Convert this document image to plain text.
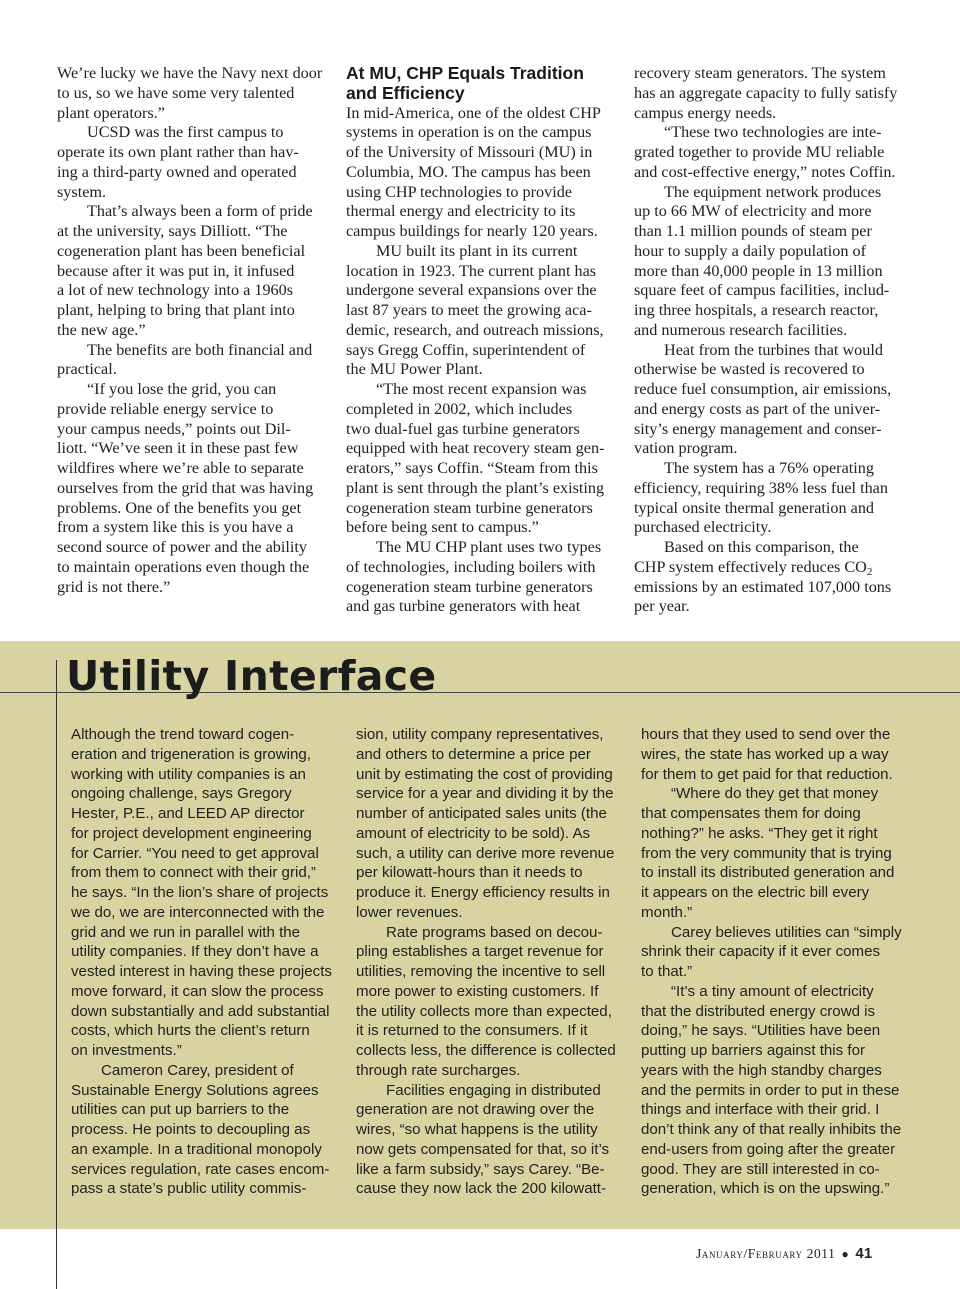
We’re lucky we have the Navy next door
to us, so we have some very talented
plant operators.”
UCSD was the first campus to
operate its own plant rather than hav-
ing a third-party owned and operated
system.
That’s always been a form of pride
at the university, says Dilliott. “The
cogeneration plant has been beneficial
because after it was put in, it infused
a lot of new technology into a 1960s
plant, helping to bring that plant into
the new age.”
The benefits are both financial and
practical.
“If you lose the grid, you can
provide reliable energy service to
your campus needs,” points out Dil-
liott. “We’ve seen it in these past few
wildfires where we’re able to separate
ourselves from the grid that was having
problems. One of the benefits you get
from a system like this is you have a
second source of power and the ability
to maintain operations even though the
grid is not there.”
At MU, CHP Equals Tradition
and Efficiency
In mid-America, one of the oldest CHP
systems in operation is on the campus
of the University of Missouri (MU) in
Columbia, MO. The campus has been
using CHP technologies to provide
thermal energy and electricity to its
campus buildings for nearly 120 years.
MU built its plant in its current
location in 1923. The current plant has
undergone several expansions over the
last 87 years to meet the growing aca-
demic, research, and outreach missions,
says Gregg Coffin, superintendent of
the MU Power Plant.
“The most recent expansion was
completed in 2002, which includes
two dual-fuel gas turbine generators
equipped with heat recovery steam gen-
erators,” says Coffin. “Steam from this
plant is sent through the plant’s existing
cogeneration steam turbine generators
before being sent to campus.”
The MU CHP plant uses two types
of technologies, including boilers with
cogeneration steam turbine generators
and gas turbine generators with heat
recovery steam generators. The system
has an aggregate capacity to fully satisfy
campus energy needs.
“These two technologies are inte-
grated together to provide MU reliable
and cost-effective energy,” notes Coffin.
The equipment network produces
up to 66 MW of electricity and more
than 1.1 million pounds of steam per
hour to supply a daily population of
more than 40,000 people in 13 million
square feet of campus facilities, includ-
ing three hospitals, a research reactor,
and numerous research facilities.
Heat from the turbines that would
otherwise be wasted is recovered to
reduce fuel consumption, air emissions,
and energy costs as part of the univer-
sity’s energy management and conser-
vation program.
The system has a 76% operating
efficiency, requiring 38% less fuel than
typical onsite thermal generation and
purchased electricity.
Based on this comparison, the
CHP system effectively reduces $CO_2$
emissions by an estimated 107,000 tons
per year.
Utility Interface
Although the trend toward cogen-
eration and trigeneration is growing,
working with utility companies is an
ongoing challenge, says Gregory
Hester, P.E., and LEED AP director
for project development engineering
for Carrier. “You need to get approval
from them to connect with their grid,”
he says. “In the lion’s share of projects
we do, we are interconnected with the
grid and we run in parallel with the
utility companies. If they don’t have a
vested interest in having these projects
move forward, it can slow the process
down substantially and add substantial
costs, which hurts the client’s return
on investments.”
Cameron Carey, president of
Sustainable Energy Solutions agrees
utilities can put up barriers to the
process. He points to decoupling as
an example. In a traditional monopoly
services regulation, rate cases encom-
pass a state’s public utility commis-
sion, utility company representatives,
and others to determine a price per
unit by estimating the cost of providing
service for a year and dividing it by the
number of anticipated sales units (the
amount of electricity to be sold). As
such, a utility can derive more revenue
per kilowatt-hours than it needs to
produce it. Energy efficiency results in
lower revenues.
Rate programs based on decou-
pling establishes a target revenue for
utilities, removing the incentive to sell
more power to existing customers. If
the utility collects more than expected,
it is returned to the consumers. If it
collects less, the difference is collected
through rate surcharges.
Facilities engaging in distributed
generation are not drawing over the
wires, “so what happens is the utility
now gets compensated for that, so it’s
like a farm subsidy,” says Carey. “Be-
cause they now lack the 200 kilowatt-
hours that they used to send over the
wires, the state has worked up a way
for them to get paid for that reduction.
“Where do they get that money
that compensates them for doing
nothing?” he asks. “They get it right
from the very community that is trying
to install its distributed generation and
it appears on the electric bill every
month.”
Carey believes utilities can “simply
shrink their capacity if it ever comes
to that.”
“It’s a tiny amount of electricity
that the distributed energy crowd is
doing,” he says. “Utilities have been
putting up barriers against this for
years with the high standby charges
and the permits in order to put in these
things and interface with their grid. I
don’t think any of that really inhibits the
end-users from going after the greater
good. They are still interested in co-
generation, which is on the upswing.”
January/February 2011 ● 41
